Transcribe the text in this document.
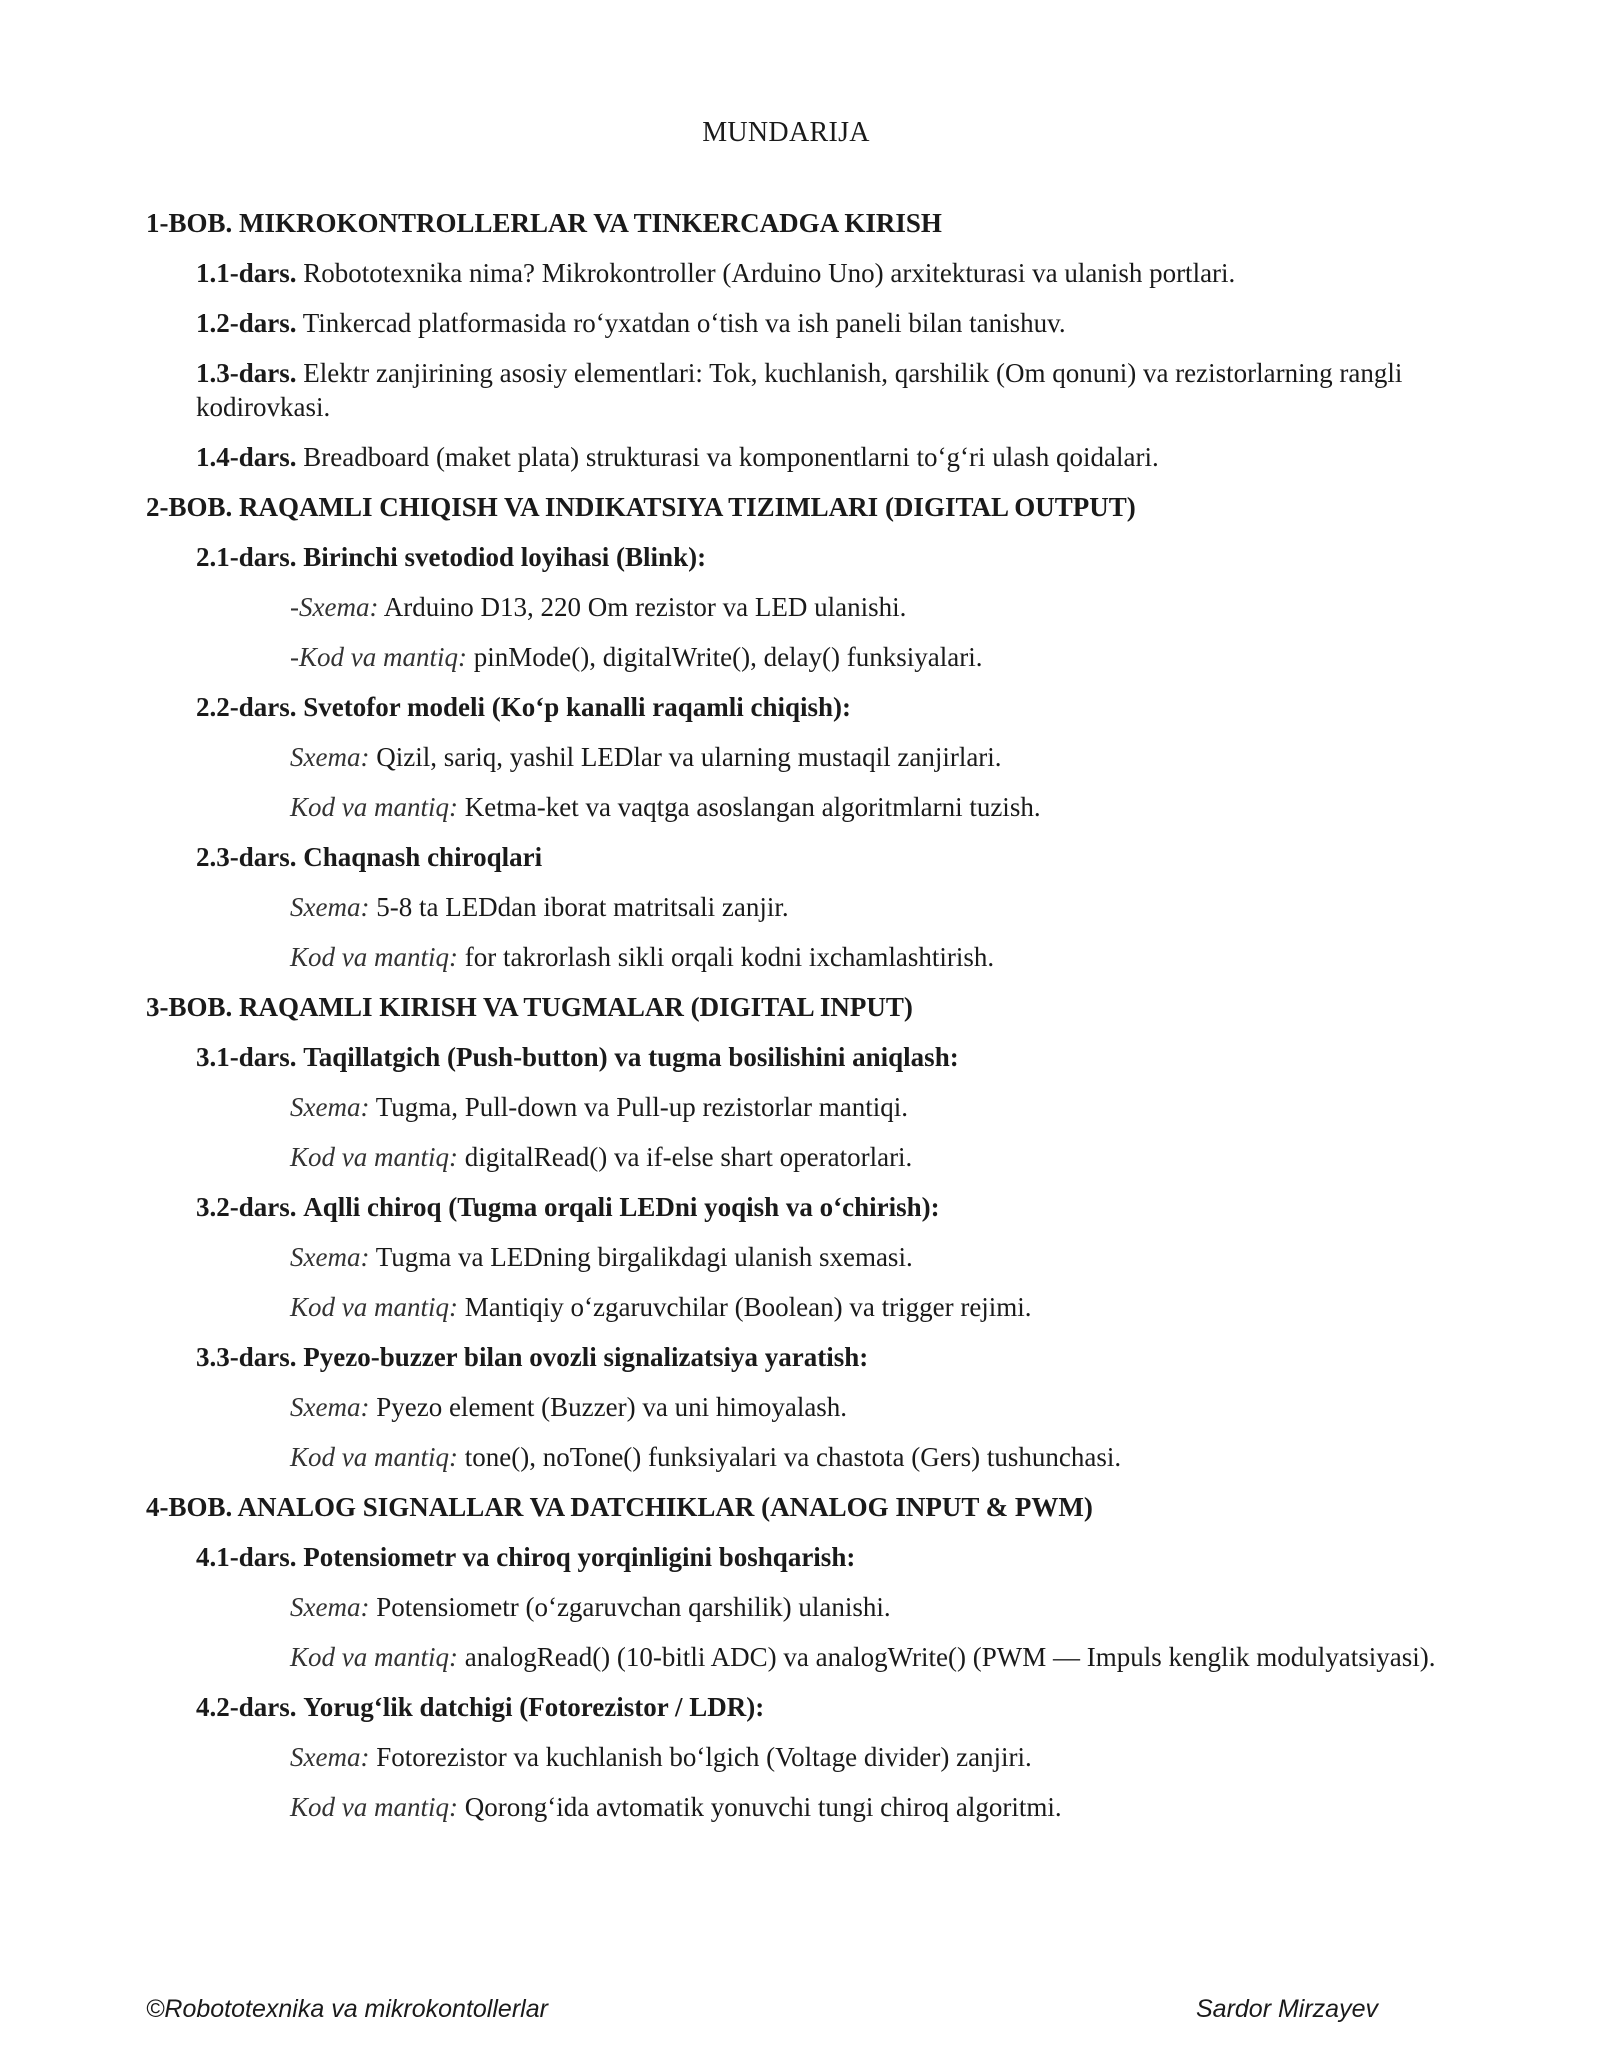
MUNDARIJA
1-BOB. MIKROKONTROLLERLAR VA TINKERCADGA KIRISH
1.1-dars. Robototexnika nima? Mikrokontroller (Arduino Uno) arxitekturasi va ulanish portlari.
1.2-dars. Tinkercad platformasida ro‘yxatdan o‘tish va ish paneli bilan tanishuv.
1.3-dars. Elektr zanjirining asosiy elementlari: Tok, kuchlanish, qarshilik (Om qonuni) va rezistorlarning rangli kodirovkasi.
1.4-dars. Breadboard (maket plata) strukturasi va komponentlarni to‘g‘ri ulash qoidalari.
2-BOB. RAQAMLI CHIQISH VA INDIKATSIYA TIZIMLARI (DIGITAL OUTPUT)
2.1-dars. Birinchi svetodiod loyihasi (Blink):
-Sxema: Arduino D13, 220 Om rezistor va LED ulanishi.
-Kod va mantiq: pinMode(), digitalWrite(), delay() funksiyalari.
2.2-dars. Svetofor modeli (Ko‘p kanalli raqamli chiqish):
Sxema: Qizil, sariq, yashil LEDlar va ularning mustaqil zanjirlari.
Kod va mantiq: Ketma-ket va vaqtga asoslangan algoritmlarni tuzish.
2.3-dars. Chaqnash chiroqlari
Sxema: 5-8 ta LEDdan iborat matritsali zanjir.
Kod va mantiq: for takrorlash sikli orqali kodni ixchamlashtirish.
3-BOB. RAQAMLI KIRISH VA TUGMALAR (DIGITAL INPUT)
3.1-dars. Taqillatgich (Push-button) va tugma bosilishini aniqlash:
Sxema: Tugma, Pull-down va Pull-up rezistorlar mantiqi.
Kod va mantiq: digitalRead() va if-else shart operatorlari.
3.2-dars. Aqlli chiroq (Tugma orqali LEDni yoqish va o‘chirish):
Sxema: Tugma va LEDning birgalikdagi ulanish sxemasi.
Kod va mantiq: Mantiqiy o‘zgaruvchilar (Boolean) va trigger rejimi.
3.3-dars. Pyezo-buzzer bilan ovozli signalizatsiya yaratish:
Sxema: Pyezo element (Buzzer) va uni himoyalash.
Kod va mantiq: tone(), noTone() funksiyalari va chastota (Gers) tushunchasi.
4-BOB. ANALOG SIGNALLAR VA DATCHIKLAR (ANALOG INPUT & PWM)
4.1-dars. Potensiometr va chiroq yorqinligini boshqarish:
Sxema: Potensiometr (o‘zgaruvchan qarshilik) ulanishi.
Kod va mantiq: analogRead() (10-bitli ADC) va analogWrite() (PWM — Impuls kenglik modulyatsiyasi).
4.2-dars. Yorug‘lik datchigi (Fotorezistor / LDR):
Sxema: Fotorezistor va kuchlanish bo‘lgich (Voltage divider) zanjiri.
Kod va mantiq: Qorong‘ida avtomatik yonuvchi tungi chiroq algoritmi.
©Robototexnika va mikrokontollerlar	Sardor Mirzayev
